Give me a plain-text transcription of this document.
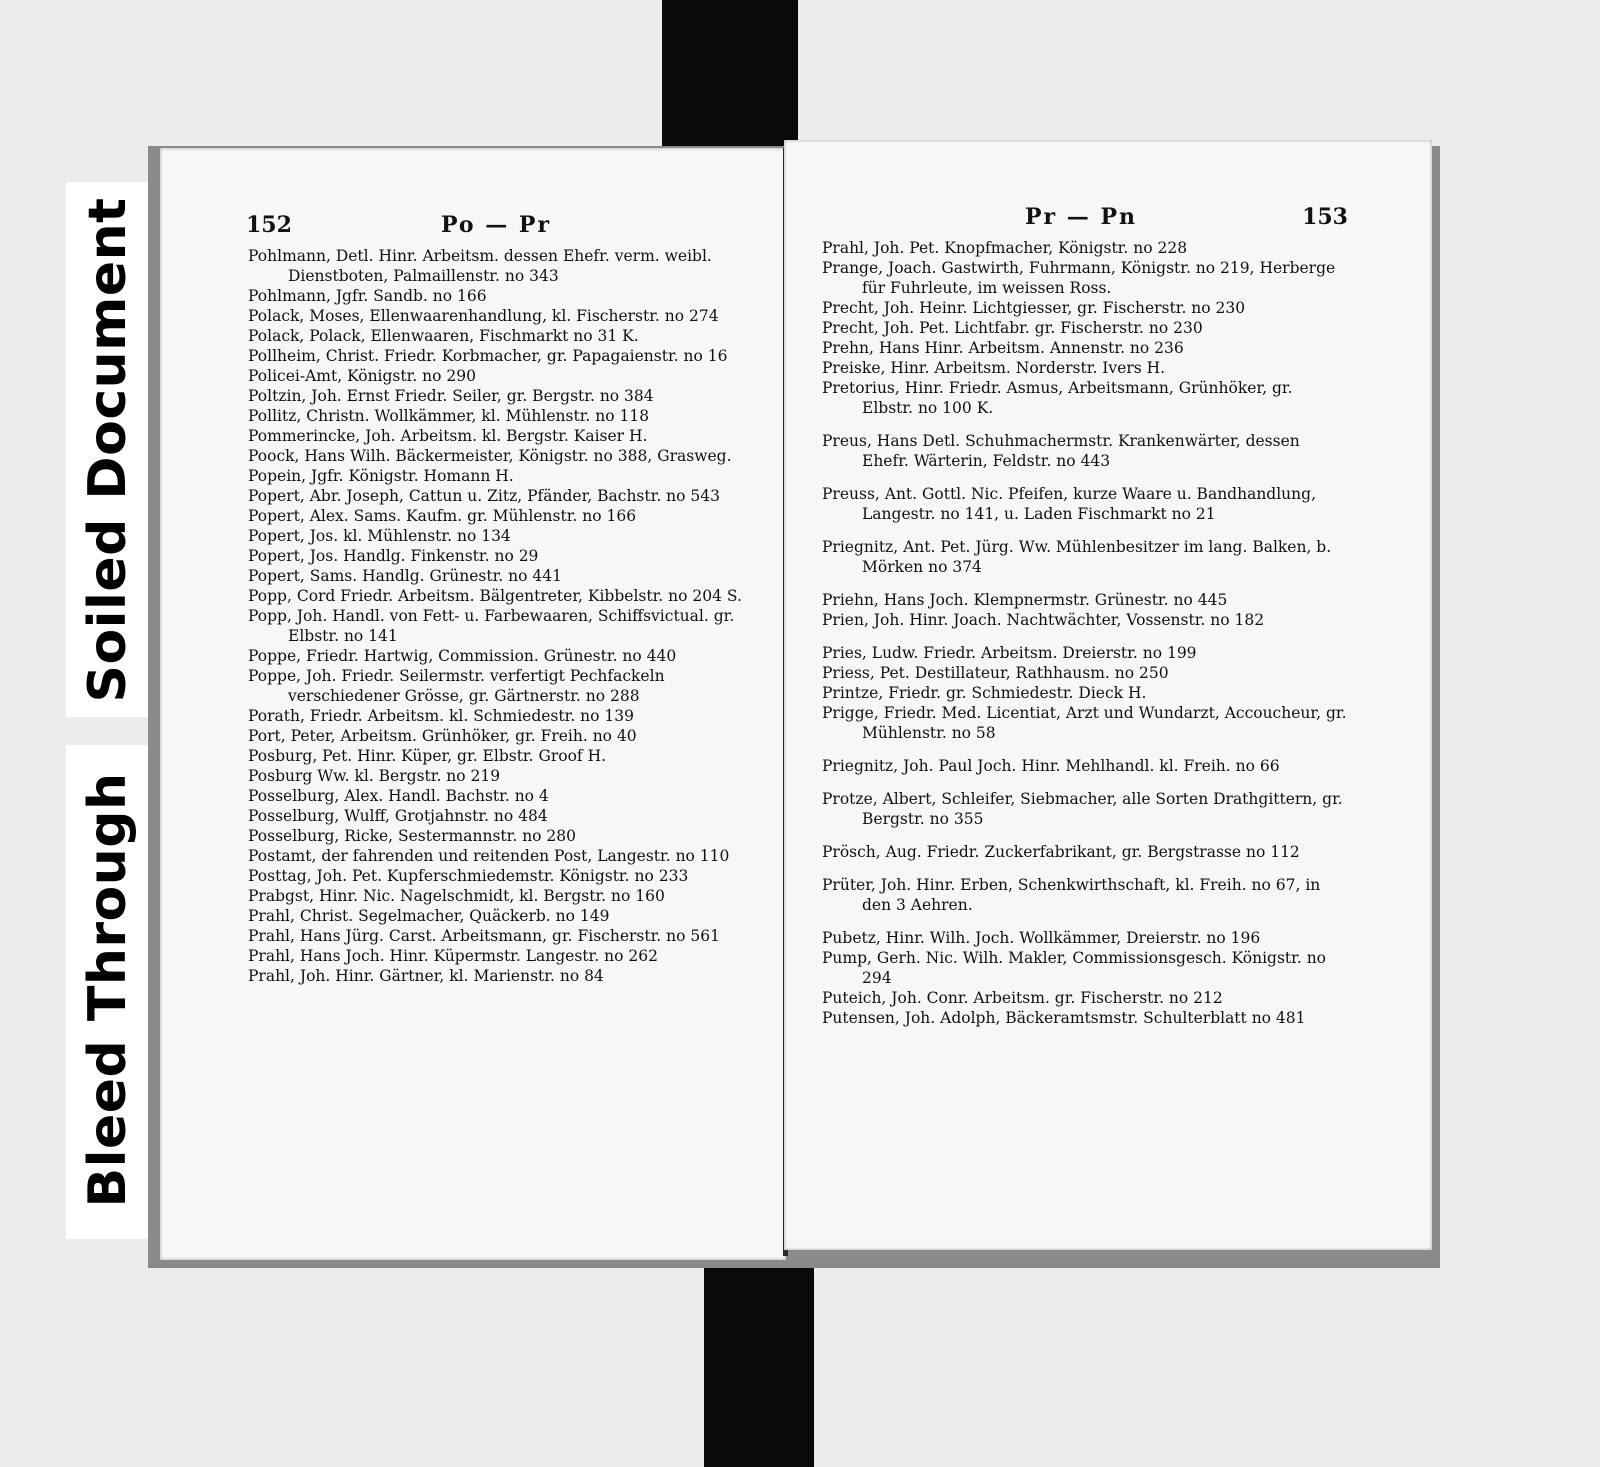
Soiled Document
Bleed Through
152	Po — Pr

Pohlmann, Detl. Hinr. Arbeitsm. dessen Ehefr. verm. weibl. Dienstboten, Palmaillenstr. no 343

Pohlmann, Jgfr. Sandb. no 166

Polack, Moses, Ellenwaarenhandlung, kl. Fischerstr. no 274

Polack, Polack, Ellenwaaren, Fischmarkt no 31 K.

Pollheim, Christ. Friedr. Korbmacher, gr. Papagaienstr. no 16

Policei-Amt, Königstr. no 290

Poltzin, Joh. Ernst Friedr. Seiler, gr. Bergstr. no 384

Pollitz, Christn. Wollkämmer, kl. Mühlenstr. no 118

Pommerincke, Joh. Arbeitsm. kl. Bergstr. Kaiser H.

Poock, Hans Wilh. Bäckermeister, Königstr. no 388, Grasweg.

Popein, Jgfr. Königstr. Homann H.

Popert, Abr. Joseph, Cattun u. Zitz, Pfänder, Bachstr. no 543

Popert, Alex. Sams. Kaufm. gr. Mühlenstr. no 166

Popert, Jos. kl. Mühlenstr. no 134

Popert, Jos. Handlg. Finkenstr. no 29

Popert, Sams. Handlg. Grünestr. no 441

Popp, Cord Friedr. Arbeitsm. Bälgentreter, Kibbelstr. no 204 S.

Popp, Joh. Handl. von Fett- u. Farbewaaren, Schiffsvictual. gr. Elbstr. no 141

Poppe, Friedr. Hartwig, Commission. Grünestr. no 440

Poppe, Joh. Friedr. Seilermstr. verfertigt Pechfackeln verschiedener Grösse, gr. Gärtnerstr. no 288

Porath, Friedr. Arbeitsm. kl. Schmiedestr. no 139

Port, Peter, Arbeitsm. Grünhöker, gr. Freih. no 40

Posburg, Pet. Hinr. Küper, gr. Elbstr. Groof H.

Posburg Ww. kl. Bergstr. no 219

Posselburg, Alex. Handl. Bachstr. no 4

Posselburg, Wulff, Grotjahnstr. no 484

Posselburg, Ricke, Sestermannstr. no 280

Postamt, der fahrenden und reitenden Post, Langestr. no 110

Posttag, Joh. Pet. Kupferschmiedemstr. Königstr. no 233

Prabgst, Hinr. Nic. Nagelschmidt, kl. Bergstr. no 160

Prahl, Christ. Segelmacher, Quäckerb. no 149

Prahl, Hans Jürg. Carst. Arbeitsmann, gr. Fischerstr. no 561

Prahl, Hans Joch. Hinr. Küpermstr. Langestr. no 262

Prahl, Joh. Hinr. Gärtner, kl. Marienstr. no 84

Pr — Pn	153

Prahl, Joh. Pet. Knopfmacher, Königstr. no 228

Prange, Joach. Gastwirth, Fuhrmann, Königstr. no 219, Herberge für Fuhrleute, im weissen Ross.

Precht, Joh. Heinr. Lichtgiesser, gr. Fischerstr. no 230

Precht, Joh. Pet. Lichtfabr. gr. Fischerstr. no 230

Prehn, Hans Hinr. Arbeitsm. Annenstr. no 236

Preiske, Hinr. Arbeitsm. Norderstr. Ivers H.

Pretorius, Hinr. Friedr. Asmus, Arbeitsmann, Grünhöker, gr. Elbstr. no 100 K.

Preus, Hans Detl. Schuhmachermstr. Krankenwärter, dessen Ehefr. Wärterin, Feldstr. no 443

Preuss, Ant. Gottl. Nic. Pfeifen, kurze Waare u. Bandhandlung, Langestr. no 141, u. Laden Fischmarkt no 21

Priegnitz, Ant. Pet. Jürg. Ww. Mühlenbesitzer im lang. Balken, b. Mörken no 374

Priehn, Hans Joch. Klempnermstr. Grünestr. no 445

Prien, Joh. Hinr. Joach. Nachtwächter, Vossenstr. no 182

Pries, Ludw. Friedr. Arbeitsm. Dreierstr. no 199

Priess, Pet. Destillateur, Rathhausm. no 250

Printze, Friedr. gr. Schmiedestr. Dieck H.

Prigge, Friedr. Med. Licentiat, Arzt und Wundarzt, Accoucheur, gr. Mühlenstr. no 58

Priegnitz, Joh. Paul Joch. Hinr. Mehlhandl. kl. Freih. no 66

Protze, Albert, Schleifer, Siebmacher, alle Sorten Drathgittern, gr. Bergstr. no 355

Prösch, Aug. Friedr. Zuckerfabrikant, gr. Bergstrasse no 112

Prüter, Joh. Hinr. Erben, Schenkwirthschaft, kl. Freih. no 67, in den 3 Aehren.

Pubetz, Hinr. Wilh. Joch. Wollkämmer, Dreierstr. no 196

Pump, Gerh. Nic. Wilh. Makler, Commissionsgesch. Königstr. no 294

Puteich, Joh. Conr. Arbeitsm. gr. Fischerstr. no 212

Putensen, Joh. Adolph, Bäckeramtsmstr. Schulterblatt no 481
